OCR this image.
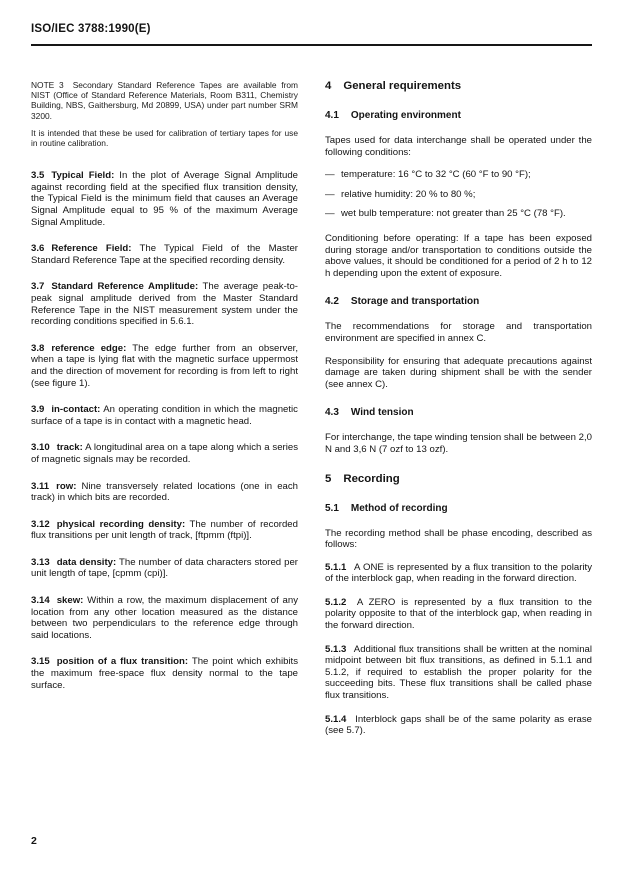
ISO/IEC 3788:1990(E)

NOTE 3 Secondary Standard Reference Tapes are available from NIST (Office of Standard Reference Materials, Room B311, Chemistry Building, NBS, Gaithersburg, Md 20899, USA) under part number SRM 3200.

It is intended that these be used for calibration of tertiary tapes for use in routine calibration.

3.5 Typical Field: In the plot of Average Signal Amplitude against recording field at the specified flux transition density, the Typical Field is the minimum field that causes an Average Signal Amplitude equal to 95 % of the maximum Average Signal Amplitude.

3.6 Reference Field: The Typical Field of the Master Standard Reference Tape at the specified recording density.

3.7 Standard Reference Amplitude: The average peak-to-peak signal amplitude derived from the Master Standard Reference Tape in the NIST measurement system under the recording conditions specified in 5.6.1.

3.8 reference edge: The edge further from an observer, when a tape is lying flat with the magnetic surface uppermost and the direction of movement for recording is from left to right (see figure 1).

3.9 in-contact: An operating condition in which the magnetic surface of a tape is in contact with a magnetic head.

3.10 track: A longitudinal area on a tape along which a series of magnetic signals may be recorded.

3.11 row: Nine transversely related locations (one in each track) in which bits are recorded.

3.12 physical recording density: The number of recorded flux transitions per unit length of track, [ftpmm (ftpi)].

3.13 data density: The number of data characters stored per unit length of tape, [cpmm (cpi)].

3.14 skew: Within a row, the maximum displacement of any location from any other location measured as the distance between two perpendiculars to the reference edge through said locations.

3.15 position of a flux transition: The point which exhibits the maximum free-space flux density normal to the tape surface.

4 General requirements

4.1 Operating environment

Tapes used for data interchange shall be operated under the following conditions:

— temperature: 16 °C to 32 °C (60 °F to 90 °F);
— relative humidity: 20 % to 80 %;
— wet bulb temperature: not greater than 25 °C (78 °F).

Conditioning before operating: If a tape has been exposed during storage and/or transportation to conditions outside the above values, it should be conditioned for a period of 2 h to 12 h depending upon the extent of exposure.

4.2 Storage and transportation

The recommendations for storage and transportation environment are specified in annex C.

Responsibility for ensuring that adequate precautions against damage are taken during shipment shall be with the sender (see annex C).

4.3 Wind tension

For interchange, the tape winding tension shall be between 2,0 N and 3,6 N (7 ozf to 13 ozf).

5 Recording

5.1 Method of recording

The recording method shall be phase encoding, described as follows:

5.1.1 A ONE is represented by a flux transition to the polarity of the interblock gap, when reading in the forward direction.

5.1.2 A ZERO is represented by a flux transition to the polarity opposite to that of the interblock gap, when reading in the forward direction.

5.1.3 Additional flux transitions shall be written at the nominal midpoint between bit flux transitions, as defined in 5.1.1 and 5.1.2, if required to establish the proper polarity for the succeeding bits. These flux transitions shall be called phase flux transitions.

5.1.4 Interblock gaps shall be of the same polarity as erase (see 5.7).

2
